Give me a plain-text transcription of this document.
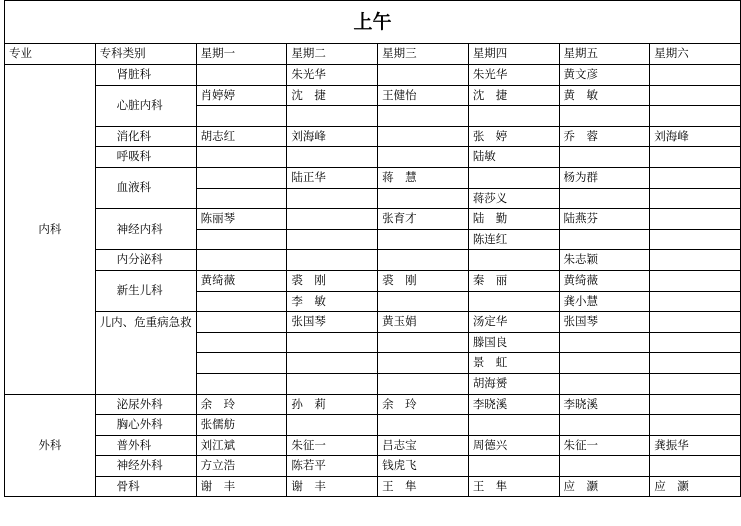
上午							
专业	专科类别	星期一	星期二	星期三	星期四	星期五	星期六
内科	肾脏科		朱光华		朱光华	黄文彦	
	心脏内科	肖婷婷	沈　捷	王健怡	沈　捷	黄　敏	

	消化科	胡志红	刘海峰		张　婷	乔　蓉	刘海峰
	呼吸科				陆敏		
	血液科		陆正华	蒋　慧		杨为群	
					蒋莎义		
	神经内科	陈丽琴		张育才	陆　勤	陆燕芬	
					陈连红		
	内分泌科					朱志颖	
	新生儿科	黄绮薇	裘　刚	裘　刚	秦　丽	黄绮薇	
			李　敏			龚小慧	
	儿内、危重病急救		张国琴	黄玉娟	汤定华	张国琴	
					滕国良		
					景　虹		
					胡海赟		
外科	泌尿外科	余　玲	孙　莉	余　玲	李晓溪	李晓溪	
	胸心外科	张儒舫					
	普外科	刘江斌	朱征一	吕志宝	周德兴	朱征一	龚振华
	神经外科	方立浩	陈若平	钱虎飞			
	骨科	谢　丰	谢　丰	王　隼	王　隼	应　灏	应　灏
